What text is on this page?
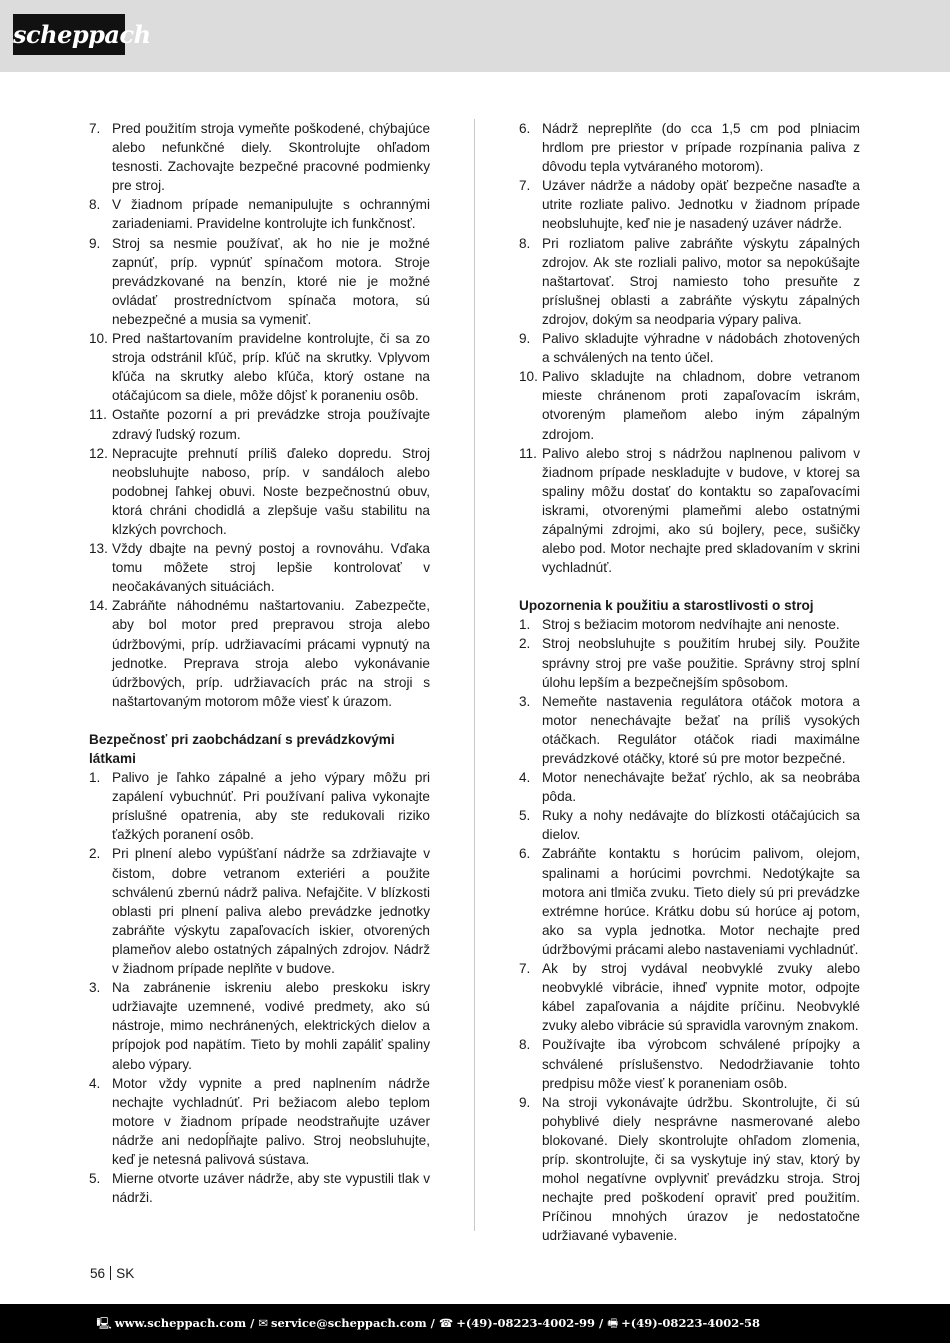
scheppach
7. Pred použitím stroja vymeňte poškodené, chýbajúce alebo nefunkčné diely. Skontrolujte ohľadom tesnosti. Zachovajte bezpečné pracovné podmienky pre stroj.
8. V žiadnom prípade nemanipulujte s ochrannými zariadeniami. Pravidelne kontrolujte ich funkčnosť.
9. Stroj sa nesmie používať, ak ho nie je možné zapnúť, príp. vypnúť spínačom motora. Stroje prevádzkované na benzín, ktoré nie je možné ovládať prostredníctvom spínača motora, sú nebezpečné a musia sa vymeniť.
10. Pred naštartovaním pravidelne kontrolujte, či sa zo stroja odstránil kľúč, príp. kľúč na skrutky. Vplyvom kľúča na skrutky alebo kľúča, ktorý ostane na otáčajúcom sa diele, môže dôjsť k poraneniu osôb.
11. Ostaňte pozorní a pri prevádzke stroja používajte zdravý ľudský rozum.
12. Nepracujte prehnutí príliš ďaleko dopredu. Stroj neobsluhujte naboso, príp. v sandáloch alebo podobnej ľahkej obuvi. Noste bezpečnostnú obuv, ktorá chráni chodidlá a zlepšuje vašu stabilitu na klzkých povrchoch.
13. Vždy dbajte na pevný postoj a rovnováhu. Vďaka tomu môžete stroj lepšie kontrolovať v neočakávaných situáciách.
14. Zabráňte náhodnému naštartovaniu. Zabezpečte, aby bol motor pred prepravou stroja alebo údržbovými, príp. udržiavacími prácami vypnutý na jednotke. Preprava stroja alebo vykonávanie údržbových, príp. udržiavacích prác na stroji s naštartovaným motorom môže viesť k úrazom.
Bezpečnosť pri zaobchádzaní s prevádzkovými látkami
1. Palivo je ľahko zápalné a jeho výpary môžu pri zapálení vybuchnúť. Pri používaní paliva vykonajte príslušné opatrenia, aby ste redukovali riziko ťažkých poranení osôb.
2. Pri plnení alebo vypúšťaní nádrže sa zdržiavajte v čistom, dobre vetranom exteriéri a použite schválenú zbernú nádrž paliva. Nefajčite. V blízkosti oblasti pri plnení paliva alebo prevádzke jednotky zabráňte výskytu zapaľovacích iskier, otvorených plameňov alebo ostatných zápalných zdrojov. Nádrž v žiadnom prípade neplňte v budove.
3. Na zabránenie iskreniu alebo preskoku iskry udržiavajte uzemnené, vodivé predmety, ako sú nástroje, mimo nechránených, elektrických dielov a prípojok pod napätím. Tieto by mohli zapáliť spaliny alebo výpary.
4. Motor vždy vypnite a pred naplnením nádrže nechajte vychladnúť. Pri bežiacom alebo teplom motore v žiadnom prípade neodstraňujte uzáver nádrže ani nedopĺňajte palivo. Stroj neobsluhujte, keď je netesná palivová sústava.
5. Mierne otvorte uzáver nádrže, aby ste vypustili tlak v nádrži.
6. Nádrž nepreplňte (do cca 1,5 cm pod plniacim hrdlom pre priestor v prípade rozpínania paliva z dôvodu tepla vytváraného motorom).
7. Uzáver nádrže a nádoby opäť bezpečne nasaďte a utrite rozliate palivo. Jednotku v žiadnom prípade neobsluhujte, keď nie je nasadený uzáver nádrže.
8. Pri rozliatom palive zabráňte výskytu zápalných zdrojov. Ak ste rozliali palivo, motor sa nepokúšajte naštartovať. Stroj namiesto toho presuňte z príslušnej oblasti a zabráňte výskytu zápalných zdrojov, dokým sa neodparia výpary paliva.
9. Palivo skladujte výhradne v nádobách zhotovených a schválených na tento účel.
10. Palivo skladujte na chladnom, dobre vetranom mieste chránenom proti zapaľovacím iskrám, otvoreným plameňom alebo iným zápalným zdrojom.
11. Palivo alebo stroj s nádržou naplnenou palivom v žiadnom prípade neskladujte v budove, v ktorej sa spaliny môžu dostať do kontaktu so zapaľovacími iskrami, otvorenými plameňmi alebo ostatnými zápalnými zdrojmi, ako sú bojlery, pece, sušičky alebo pod. Motor nechajte pred skladovaním v skrini vychladnúť.
Upozornenia k použitiu a starostlivosti o stroj
1. Stroj s bežiacim motorom nedvíhajte ani nenoste.
2. Stroj neobsluhujte s použitím hrubej sily. Použite správny stroj pre vaše použitie. Správny stroj splní úlohu lepším a bezpečnejším spôsobom.
3. Nemeňte nastavenia regulátora otáčok motora a motor nenechávajte bežať na príliš vysokých otáčkach. Regulátor otáčok riadi maximálne prevádzkové otáčky, ktoré sú pre motor bezpečné.
4. Motor nenechávajte bežať rýchlo, ak sa neobrába pôda.
5. Ruky a nohy nedávajte do blízkosti otáčajúcich sa dielov.
6. Zabráňte kontaktu s horúcim palivom, olejom, spalinami a horúcimi povrchmi. Nedotýkajte sa motora ani tlmiča zvuku. Tieto diely sú pri prevádzke extrémne horúce. Krátku dobu sú horúce aj potom, ako sa vypla jednotka. Motor nechajte pred údržbovými prácami alebo nastaveniami vychladnúť.
7. Ak by stroj vydával neobvyklé zvuky alebo neobvyklé vibrácie, ihneď vypnite motor, odpojte kábel zapaľovania a nájdite príčinu. Neobvyklé zvuky alebo vibrácie sú spravidla varovným znakom.
8. Používajte iba výrobcom schválené prípojky a schválené príslušenstvo. Nedodržiavanie tohto predpisu môže viesť k poraneniam osôb.
9. Na stroji vykonávajte údržbu. Skontrolujte, či sú pohyblivé diely nesprávne nasmerované alebo blokované. Diely skontrolujte ohľadom zlomenia, príp. skontrolujte, či sa vyskytuje iný stav, ktorý by mohol negatívne ovplyvniť prevádzku stroja. Stroj nechajte pred poškodení opraviť pred použitím. Príčinou mnohých úrazov je nedostatočne udržiavané vybavenie.
56 SK
🖳 www.scheppach.com / ✉ service@scheppach.com / ☎ +(49)-08223-4002-99 / 🖷 +(49)-08223-4002-58
